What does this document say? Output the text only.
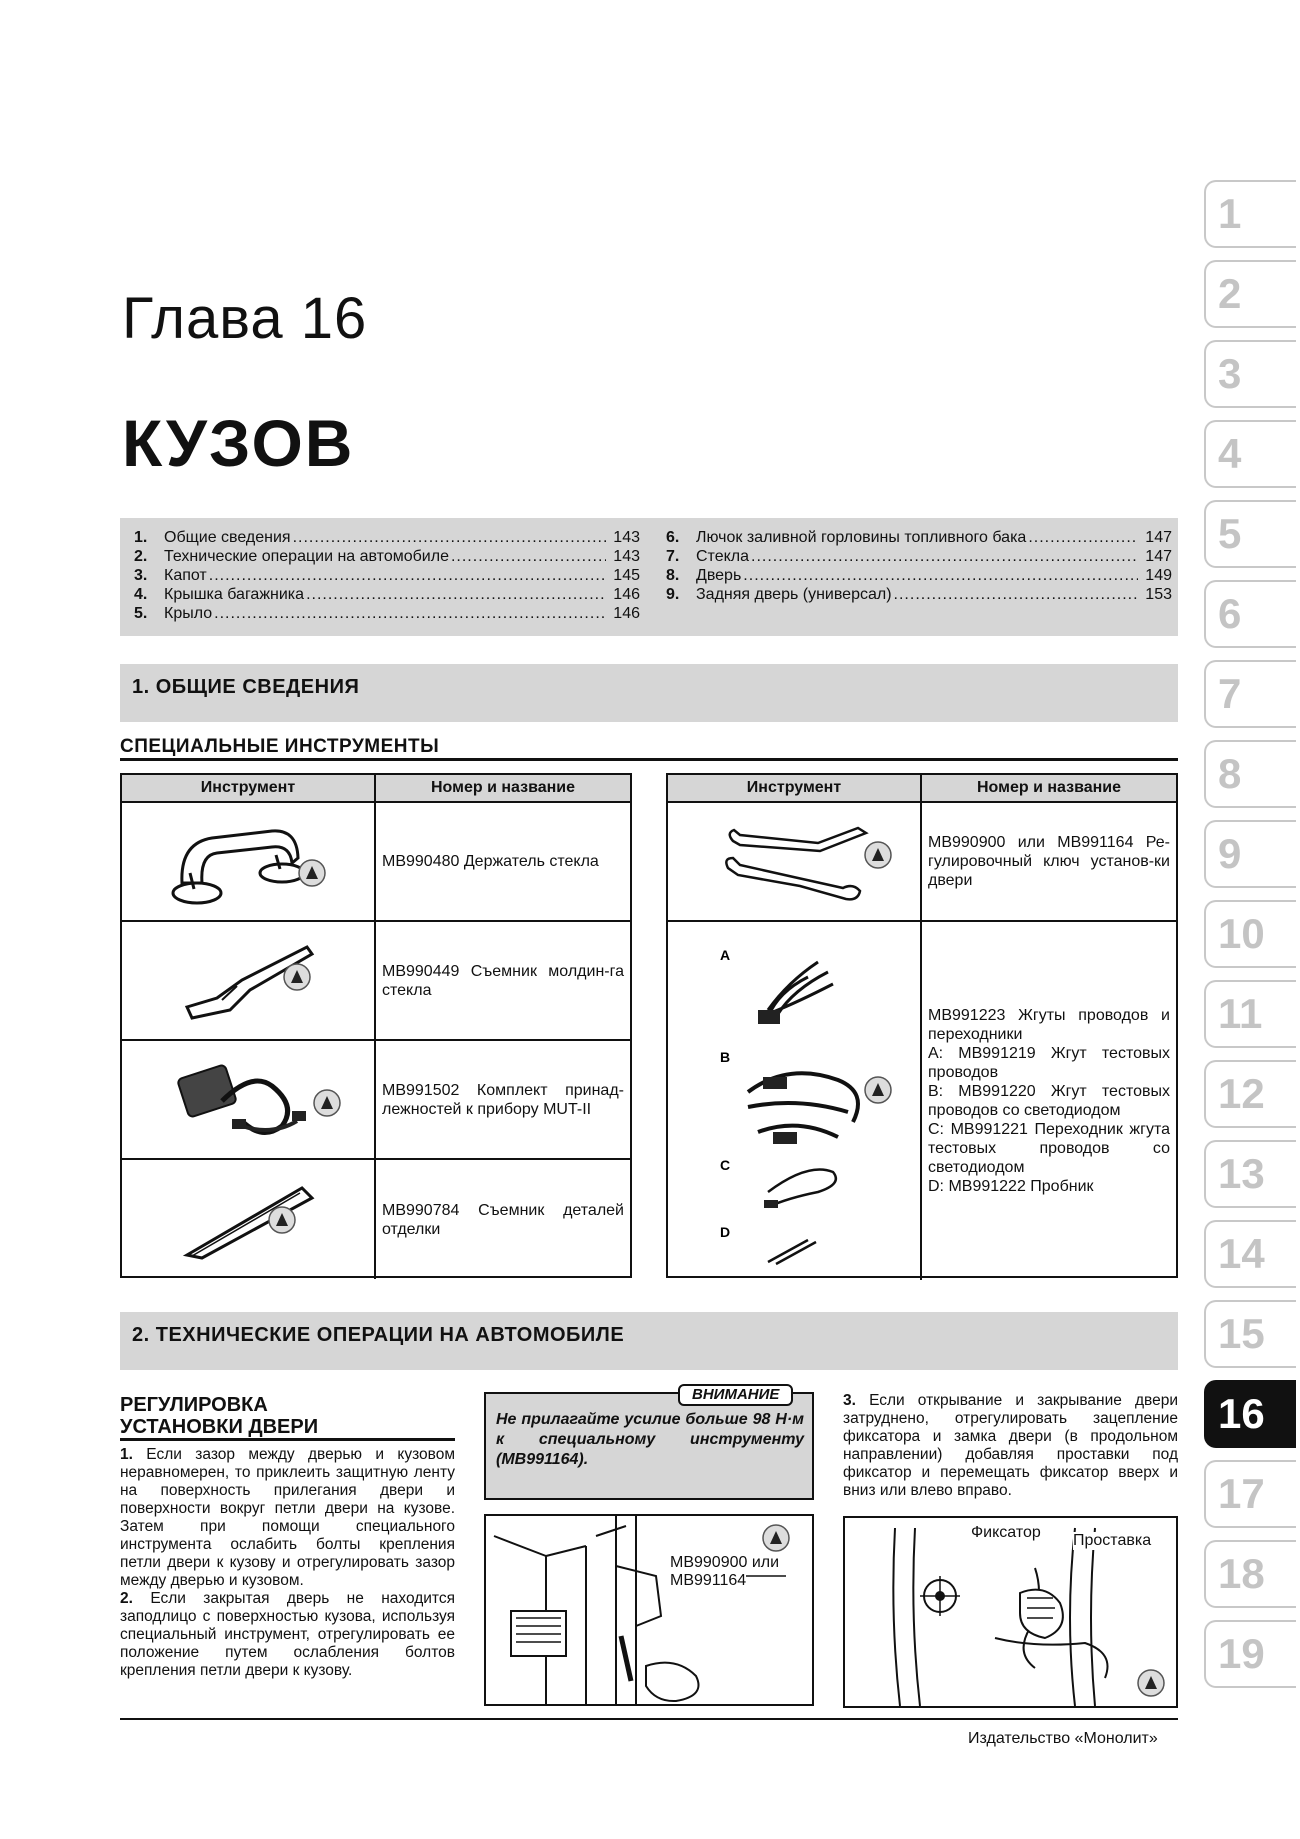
Глава 16
КУЗОВ
1.	Общие сведения .....	143
2.	Технические операции на автомобиле .....	143
3.	Капот .....	145
4.	Крышка багажника .....	146
5.	Крыло .....	146
6.	Лючок заливной горловины топливного бака .....	147
7.	Стекла .....	147
8.	Дверь .....	149
9.	Задняя дверь (универсал) .....	153
1. ОБЩИЕ СВЕДЕНИЯ
СПЕЦИАЛЬНЫЕ ИНСТРУМЕНТЫ
Инструмент	Номер и название
MB990480 Держатель стекла
MB990449 Съемник молдин-га стекла
MB991502 Комплект принад-лежностей к прибору MUT-II
MB990784 Съемник деталей отделки
Инструмент	Номер и название
MB990900 или MB991164 Ре-гулировочный ключ установ-ки двери
A
B
C
D
MB991223 Жгуты проводов и переходники
A: MB991219 Жгут тестовых проводов
B: MB991220 Жгут тестовых проводов со светодиодом
C: MB991221 Переходник жгута тестовых проводов со светодиодом
D: MB991222 Пробник
2. ТЕХНИЧЕСКИЕ ОПЕРАЦИИ НА АВТОМОБИЛЕ
РЕГУЛИРОВКА
УСТАНОВКИ ДВЕРИ
1. Если зазор между дверью и кузовом неравномерен, то приклеить защитную ленту на поверхность прилегания двери и поверхности вокруг петли двери на кузове. Затем при помощи специального инструмента ослабить болты крепления петли двери к кузову и отрегулировать зазор между дверью и кузовом.
2. Если закрытая дверь не находится заподлицо с поверхностью кузова, используя специальный инструмент, отрегулировать ее положение путем ослабления болтов крепления петли двери к кузову.
ВНИМАНИЕ
Не прилагайте усилие больше 98 Н·м к специальному инструменту (MB991164).
MB990900 или
MB991164
3. Если открывание и закрывание двери затруднено, отрегулировать зацепление фиксатора и замка двери (в продольном направлении) добавляя проставки под фиксатор и перемещать фиксатор вверх и вниз или влево вправо.
Фиксатор Проставка
Издательство «Монолит»
1
2
3
4
5
6
7
8
9
10
11
12
13
14
15
16
17
18
19
